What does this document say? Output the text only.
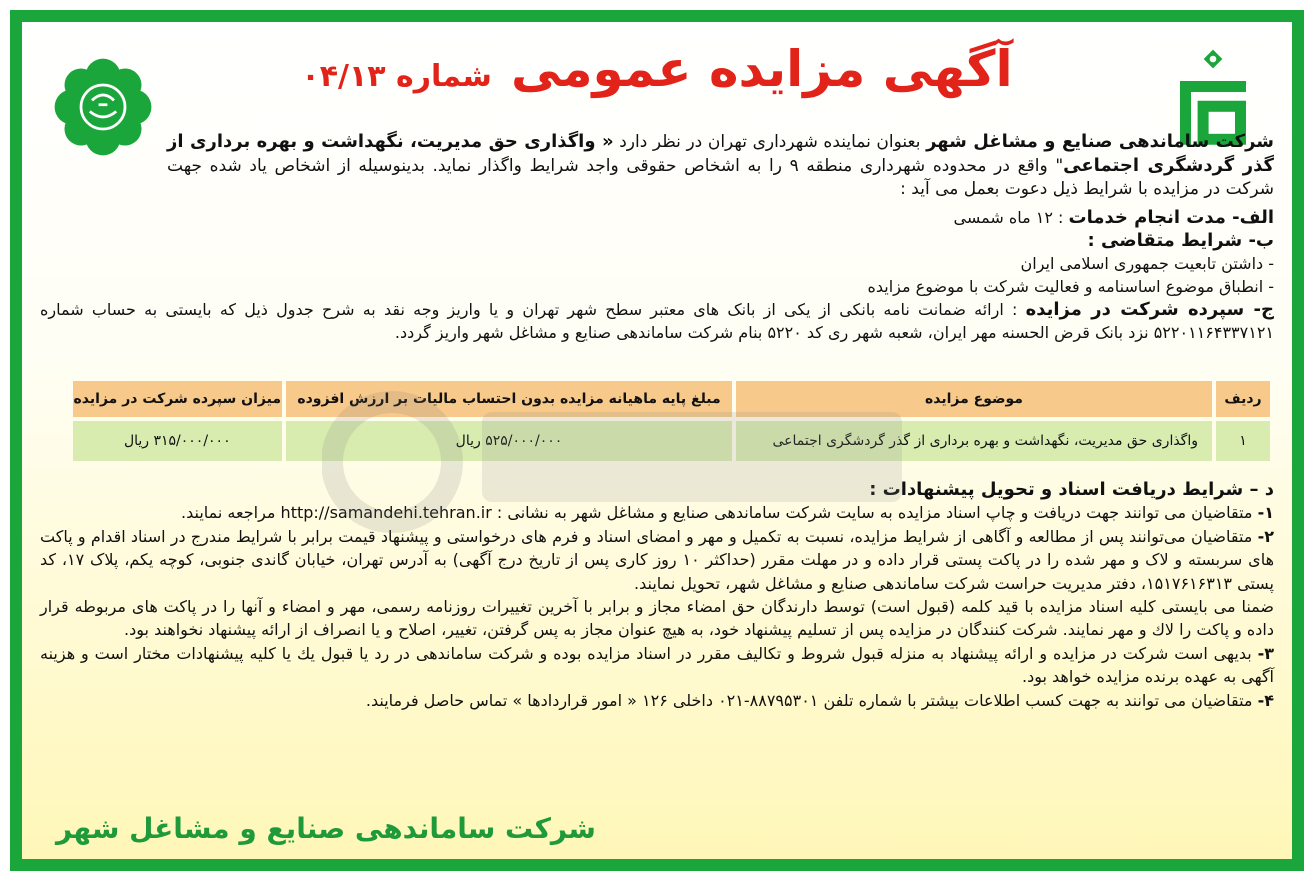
آگهی مزایده عمومی شماره ۰۴/۱۳
شرکت ساماندهی صنایع و مشاغل شهر بعنوان نماینده شهرداری تهران در نظر دارد « واگذاری حق مدیریت، نگهداشت و بهره برداری از گذر گردشگری اجتماعی" واقع در محدوده شهرداری منطقه ۹ را به اشخاص حقوقی واجد شرایط واگذار نماید. بدینوسیله از اشخاص یاد شده جهت شرکت در مزایده با شرایط ذیل دعوت بعمل می آید :

الف- مدت انجام خدمات : ۱۲ ماه شمسی

ب- شرایط متقاضی :

- داشتن تابعیت جمهوری اسلامی ایران

- انطباق موضوع اساسنامه و فعالیت شرکت با موضوع مزایده

ج- سپرده شرکت در مزایده : ارائه ضمانت نامه بانکی از یکی از بانک های معتبر سطح شهر تهران و یا واریز وجه نقد به شرح جدول ذیل که بایستی به حساب شماره ۵۲۲۰۱۱۶۴۳۳۷۱۲۱ نزد بانک قرض الحسنه مهر ایران، شعبه شهر ری کد ۵۲۲۰ بنام شرکت ساماندهی صنایع و مشاغل شهر واریز گردد.

ردیف	موضوع مزایده	مبلغ پایه ماهیانه مزایده بدون احتساب مالیات بر ارزش افزوده	میزان سپرده شرکت در مزایده
۱	واگذاری حق مدیریت، نگهداشت و بهره برداری از گذر گردشگری اجتماعی	۵۲۵/۰۰۰/۰۰۰ ریال	۳۱۵/۰۰۰/۰۰۰ ریال

د – شرایط دریافت اسناد و تحویل پیشنهادات :

۱- متقاضیان می توانند جهت دریافت و چاپ اسناد مزایده به سایت شرکت ساماندهی صنایع و مشاغل شهر به نشانی : http://samandehi.tehran.ir مراجعه نمایند.

۲- متقاضیان می‌توانند پس از مطالعه و آگاهی از شرایط مزایده، نسبت به تکمیل و مهر و امضای اسناد و فرم های درخواستی و پیشنهاد قیمت برابر با شرایط مندرج در اسناد اقدام و پاکت های سربسته و لاک و مهر شده را در پاکت پستی قرار داده و در مهلت مقرر (حداکثر ۱۰ روز کاری پس از تاریخ درج آگهی) به آدرس تهران، خیابان گاندی جنوبی، کوچه یکم، پلاک ۱۷، کد پستی ۱۵۱۷۶۱۶۳۱۳، دفتر مدیریت حراست شرکت ساماندهی صنایع و مشاغل شهر، تحویل نمایند.

ضمنا می بایستی کلیه اسناد مزایده با قید کلمه (قبول است) توسط دارندگان حق امضاء مجاز و برابر با آخرین تغییرات روزنامه رسمی، مهر و امضاء و آنها را در پاکت های مربوطه قرار داده و پاکت را لاك و مهر نمایند. شرکت کنندگان در مزایده پس از تسلیم پیشنهاد خود، به هیچ عنوان مجاز به پس گرفتن، تغییر، اصلاح و یا انصراف از ارائه پیشنهاد نخواهند بود.

۳- بدیهی است شرکت در مزایده و ارائه پیشنهاد به منزله قبول شروط و تکالیف مقرر در اسناد مزایده بوده و شرکت ساماندهی در رد یا قبول یك یا کلیه پیشنهادات مختار است و هزینه آگهی به عهده برنده مزایده خواهد بود.

۴- متقاضیان می توانند به جهت کسب اطلاعات بیشتر با شماره تلفن ۸۸۷۹۵۳۰۱-۰۲۱ داخلی ۱۲۶ « امور قراردادها » تماس حاصل فرمایند.

شرکت ساماندهی صنایع و مشاغل شهر
